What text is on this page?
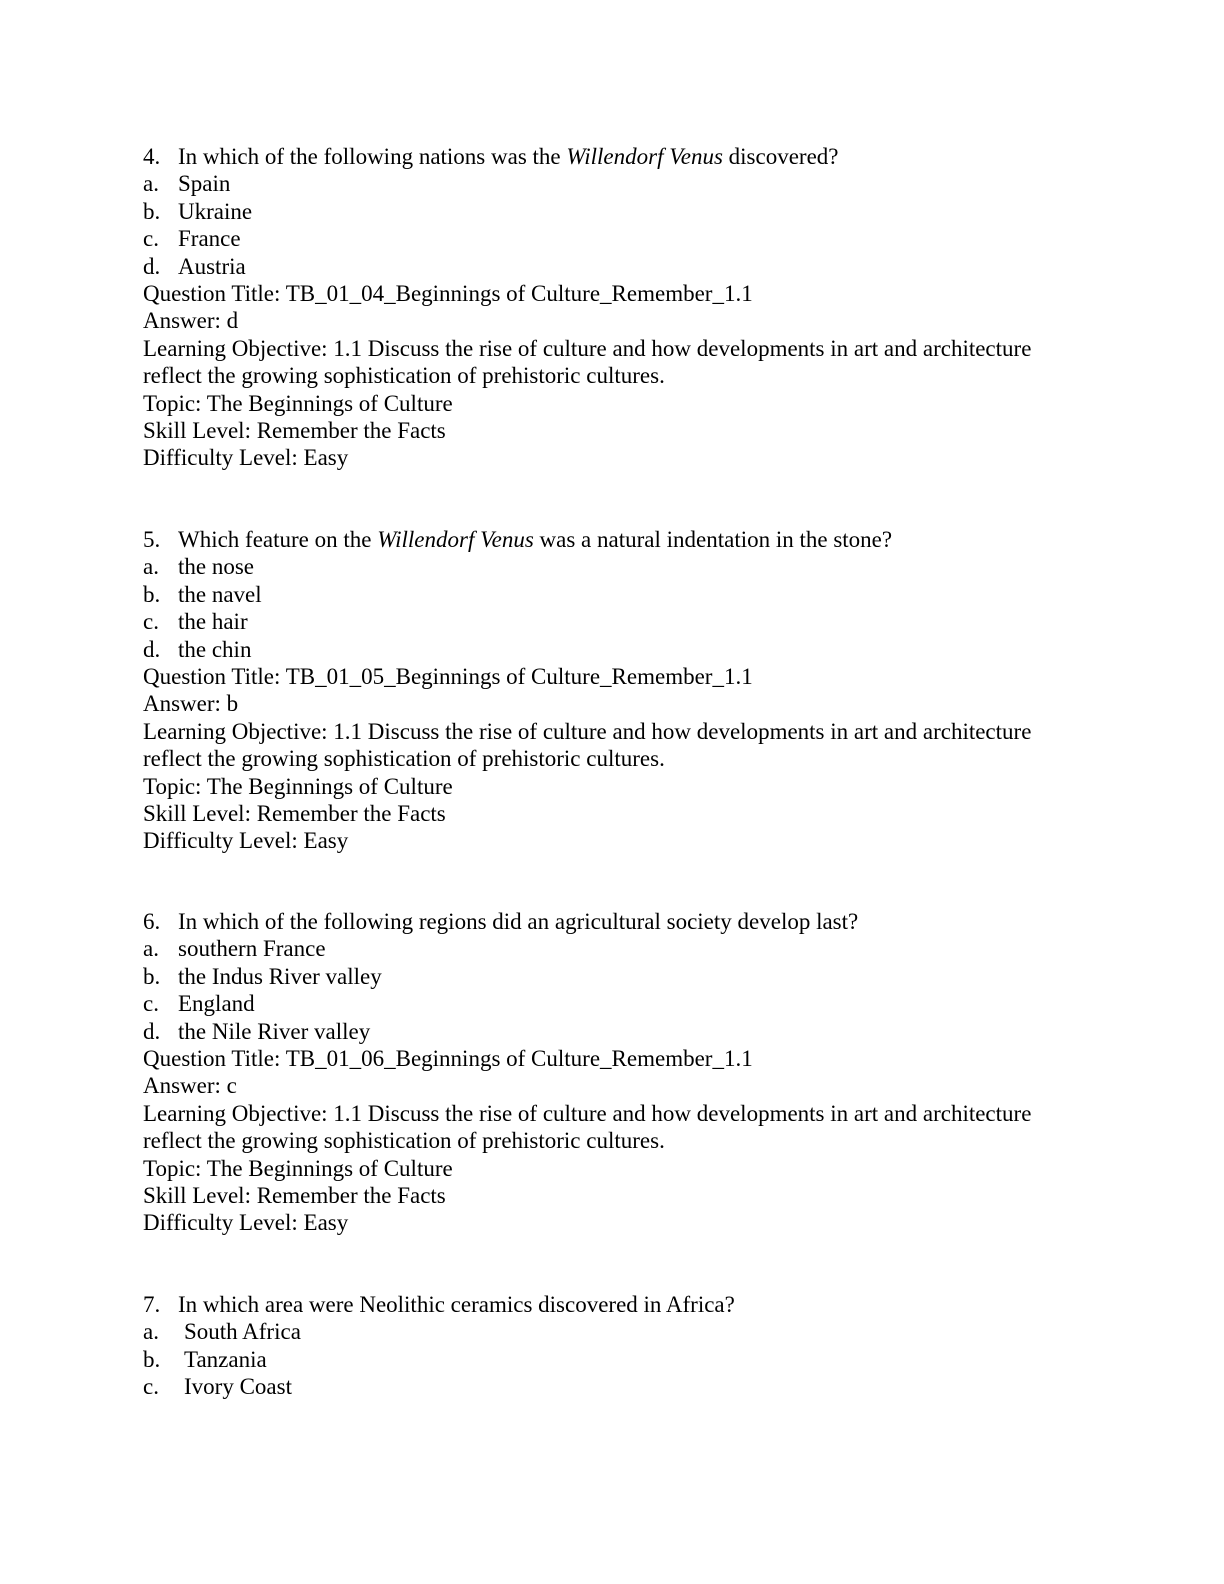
4. In which of the following nations was the Willendorf Venus discovered?
a. Spain
b. Ukraine
c. France
d. Austria
Question Title: TB_01_04_Beginnings of Culture_Remember_1.1
Answer: d
Learning Objective: 1.1 Discuss the rise of culture and how developments in art and architecture
reflect the growing sophistication of prehistoric cultures.
Topic: The Beginnings of Culture
Skill Level: Remember the Facts
Difficulty Level: Easy
5. Which feature on the Willendorf Venus was a natural indentation in the stone?
a. the nose
b. the navel
c. the hair
d. the chin
Question Title: TB_01_05_Beginnings of Culture_Remember_1.1
Answer: b
Learning Objective: 1.1 Discuss the rise of culture and how developments in art and architecture
reflect the growing sophistication of prehistoric cultures.
Topic: The Beginnings of Culture
Skill Level: Remember the Facts
Difficulty Level: Easy
6. In which of the following regions did an agricultural society develop last?
a. southern France
b. the Indus River valley
c. England
d. the Nile River valley
Question Title: TB_01_06_Beginnings of Culture_Remember_1.1
Answer: c
Learning Objective: 1.1 Discuss the rise of culture and how developments in art and architecture
reflect the growing sophistication of prehistoric cultures.
Topic: The Beginnings of Culture
Skill Level: Remember the Facts
Difficulty Level: Easy
7. In which area were Neolithic ceramics discovered in Africa?
a. South Africa
b. Tanzania
c. Ivory Coast
